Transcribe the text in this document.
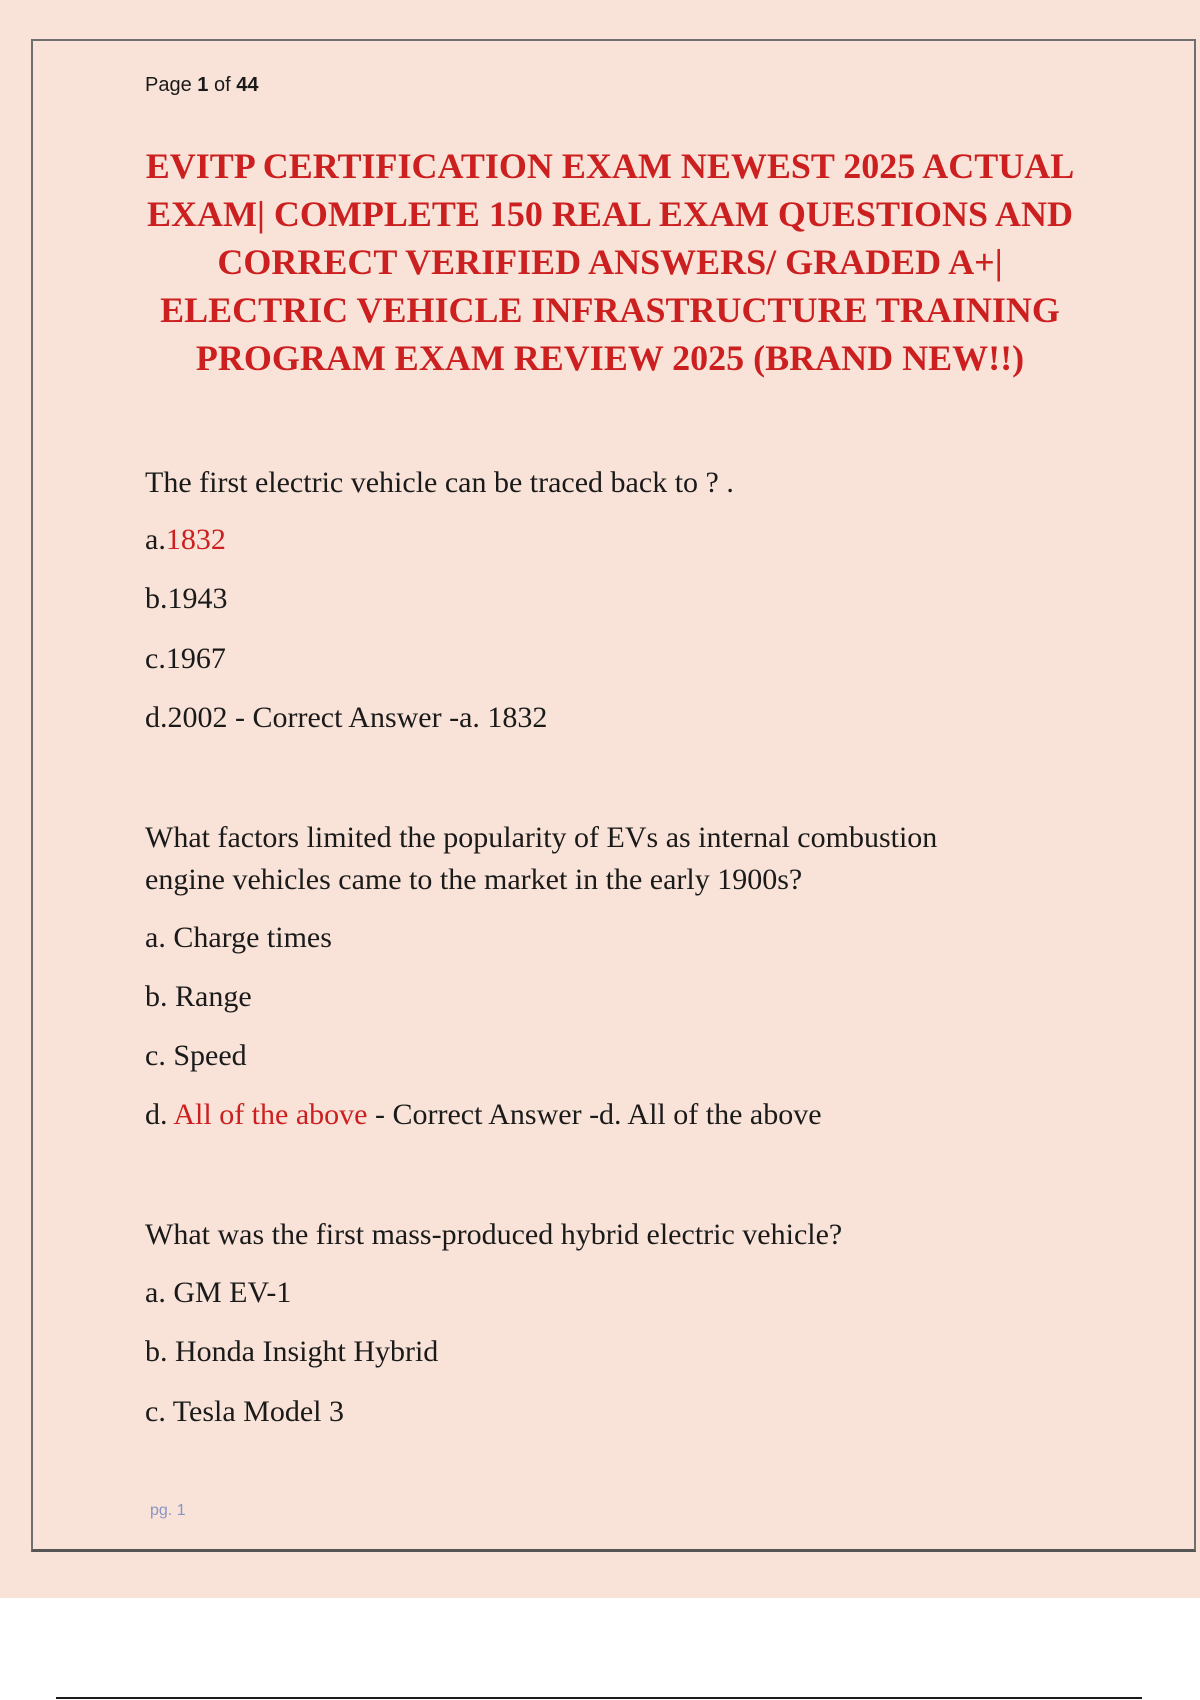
Page 1 of 44
EVITP CERTIFICATION EXAM NEWEST 2025 ACTUAL
EXAM| COMPLETE 150 REAL EXAM QUESTIONS AND
CORRECT VERIFIED ANSWERS/ GRADED A+|
ELECTRIC VEHICLE INFRASTRUCTURE TRAINING
PROGRAM EXAM REVIEW 2025 (BRAND NEW!!)

The first electric vehicle can be traced back to ? .

a.1832

b.1943

c.1967

d.2002 - Correct Answer -a. 1832

What factors limited the popularity of EVs as internal combustion
engine vehicles came to the market in the early 1900s?

a. Charge times

b. Range

c. Speed

d. All of the above - Correct Answer -d. All of the above

What was the first mass-produced hybrid electric vehicle?

a. GM EV-1

b. Honda Insight Hybrid

c. Tesla Model 3

pg. 1
